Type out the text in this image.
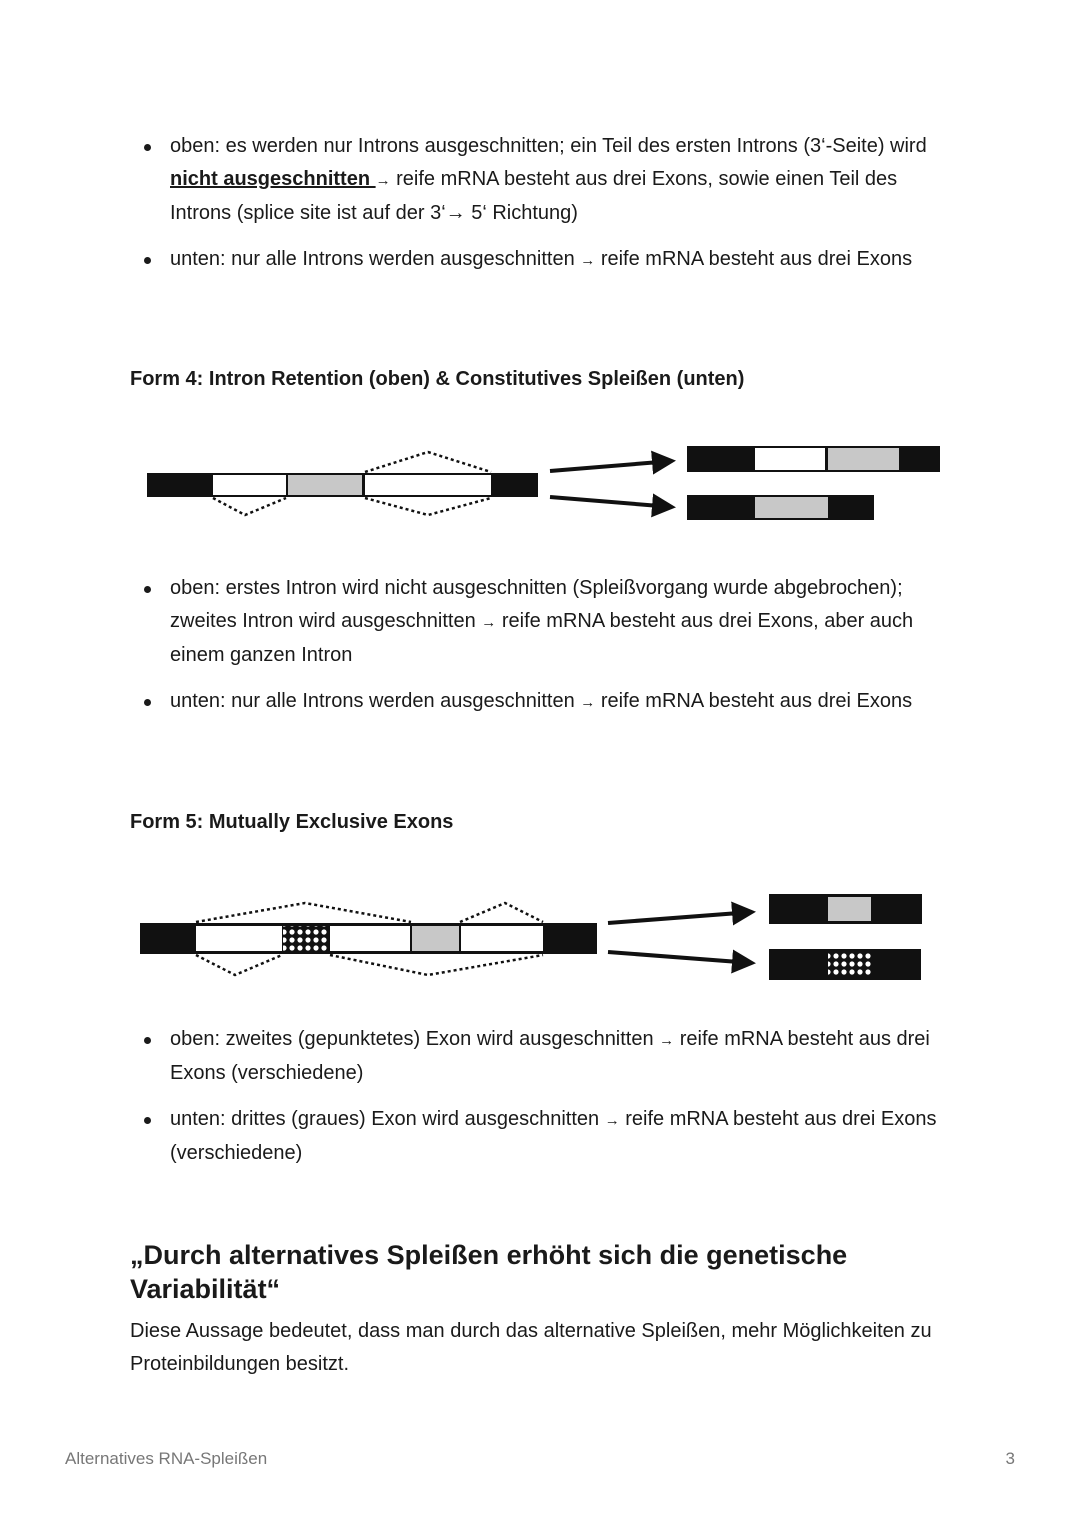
oben: es werden nur Introns ausgeschnitten; ein Teil des ersten Introns (3‘-Seite) wird nicht ausgeschnitten → reife mRNA besteht aus drei Exons, sowie einen Teil des Introns (splice site ist auf der 3‘→ 5‘ Richtung)
unten: nur alle Introns werden ausgeschnitten → reife mRNA besteht aus drei Exons
Form 4: Intron Retention (oben) & Constitutives Spleißen (unten)
oben: erstes Intron wird nicht ausgeschnitten (Spleißvorgang wurde abgebrochen); zweites Intron wird ausgeschnitten → reife mRNA besteht aus drei Exons, aber auch einem ganzen Intron
unten: nur alle Introns werden ausgeschnitten → reife mRNA besteht aus drei Exons
Form 5: Mutually Exclusive Exons
oben: zweites (gepunktetes) Exon wird ausgeschnitten → reife mRNA besteht aus drei Exons (verschiedene)
unten: drittes (graues) Exon wird ausgeschnitten → reife mRNA besteht aus drei Exons (verschiedene)
„Durch alternatives Spleißen erhöht sich die genetische Variabilität“
Diese Aussage bedeutet, dass man durch das alternative Spleißen, mehr Möglichkeiten zu Proteinbildungen besitzt.
Alternatives RNA-Spleißen	3
